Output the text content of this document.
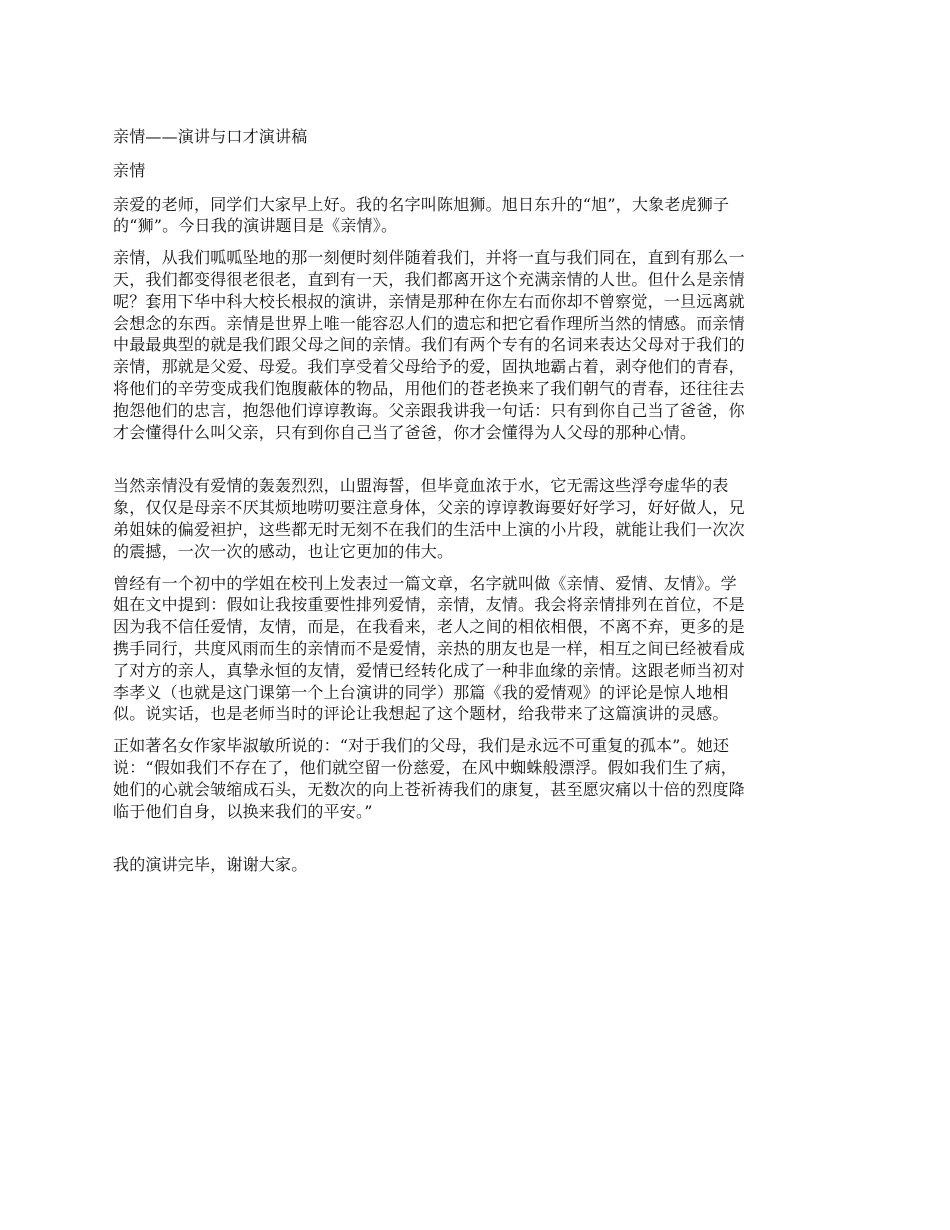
亲情——演讲与口才演讲稿
亲情
亲爱的老师，同学们大家早上好。我的名字叫陈旭狮。旭日东升的“旭”，大象老虎狮子
的“狮”。今日我的演讲题目是《亲情》。
亲情，从我们呱呱坠地的那一刻便时刻伴随着我们，并将一直与我们同在，直到有那么一
天，我们都变得很老很老，直到有一天，我们都离开这个充满亲情的人世。但什么是亲情
呢？套用下华中科大校长根叔的演讲，亲情是那种在你左右而你却不曾察觉，一旦远离就
会想念的东西。亲情是世界上唯一能容忍人们的遗忘和把它看作理所当然的情感。而亲情
中最最典型的就是我们跟父母之间的亲情。我们有两个专有的名词来表达父母对于我们的
亲情，那就是父爱、母爱。我们享受着父母给予的爱，固执地霸占着，剥夺他们的青春，
将他们的辛劳变成我们饱腹蔽体的物品，用他们的苍老换来了我们朝气的青春，还往往去
抱怨他们的忠言，抱怨他们谆谆教诲。父亲跟我讲我一句话：只有到你自己当了爸爸，你
才会懂得什么叫父亲，只有到你自己当了爸爸，你才会懂得为人父母的那种心情。
当然亲情没有爱情的轰轰烈烈，山盟海誓，但毕竟血浓于水，它无需这些浮夸虚华的表
象，仅仅是母亲不厌其烦地唠叨要注意身体，父亲的谆谆教诲要好好学习，好好做人，兄
弟姐妹的偏爱袒护，这些都无时无刻不在我们的生活中上演的小片段，就能让我们一次次
的震撼，一次一次的感动，也让它更加的伟大。
曾经有一个初中的学姐在校刊上发表过一篇文章，名字就叫做《亲情、爱情、友情》。学
姐在文中提到：假如让我按重要性排列爱情，亲情，友情。我会将亲情排列在首位，不是
因为我不信任爱情，友情，而是，在我看来，老人之间的相依相偎，不离不弃，更多的是
携手同行，共度风雨而生的亲情而不是爱情，亲热的朋友也是一样，相互之间已经被看成
了对方的亲人，真挚永恒的友情，爱情已经转化成了一种非血缘的亲情。这跟老师当初对
李孝义（也就是这门课第一个上台演讲的同学）那篇《我的爱情观》的评论是惊人地相
似。说实话，也是老师当时的评论让我想起了这个题材，给我带来了这篇演讲的灵感。
正如著名女作家毕淑敏所说的：“对于我们的父母，我们是永远不可重复的孤本”。她还
说：“假如我们不存在了，他们就空留一份慈爱，在风中蜘蛛般漂浮。假如我们生了病，
她们的心就会皱缩成石头，无数次的向上苍祈祷我们的康复，甚至愿灾痛以十倍的烈度降
临于他们自身，以换来我们的平安。”
我的演讲完毕，谢谢大家。
